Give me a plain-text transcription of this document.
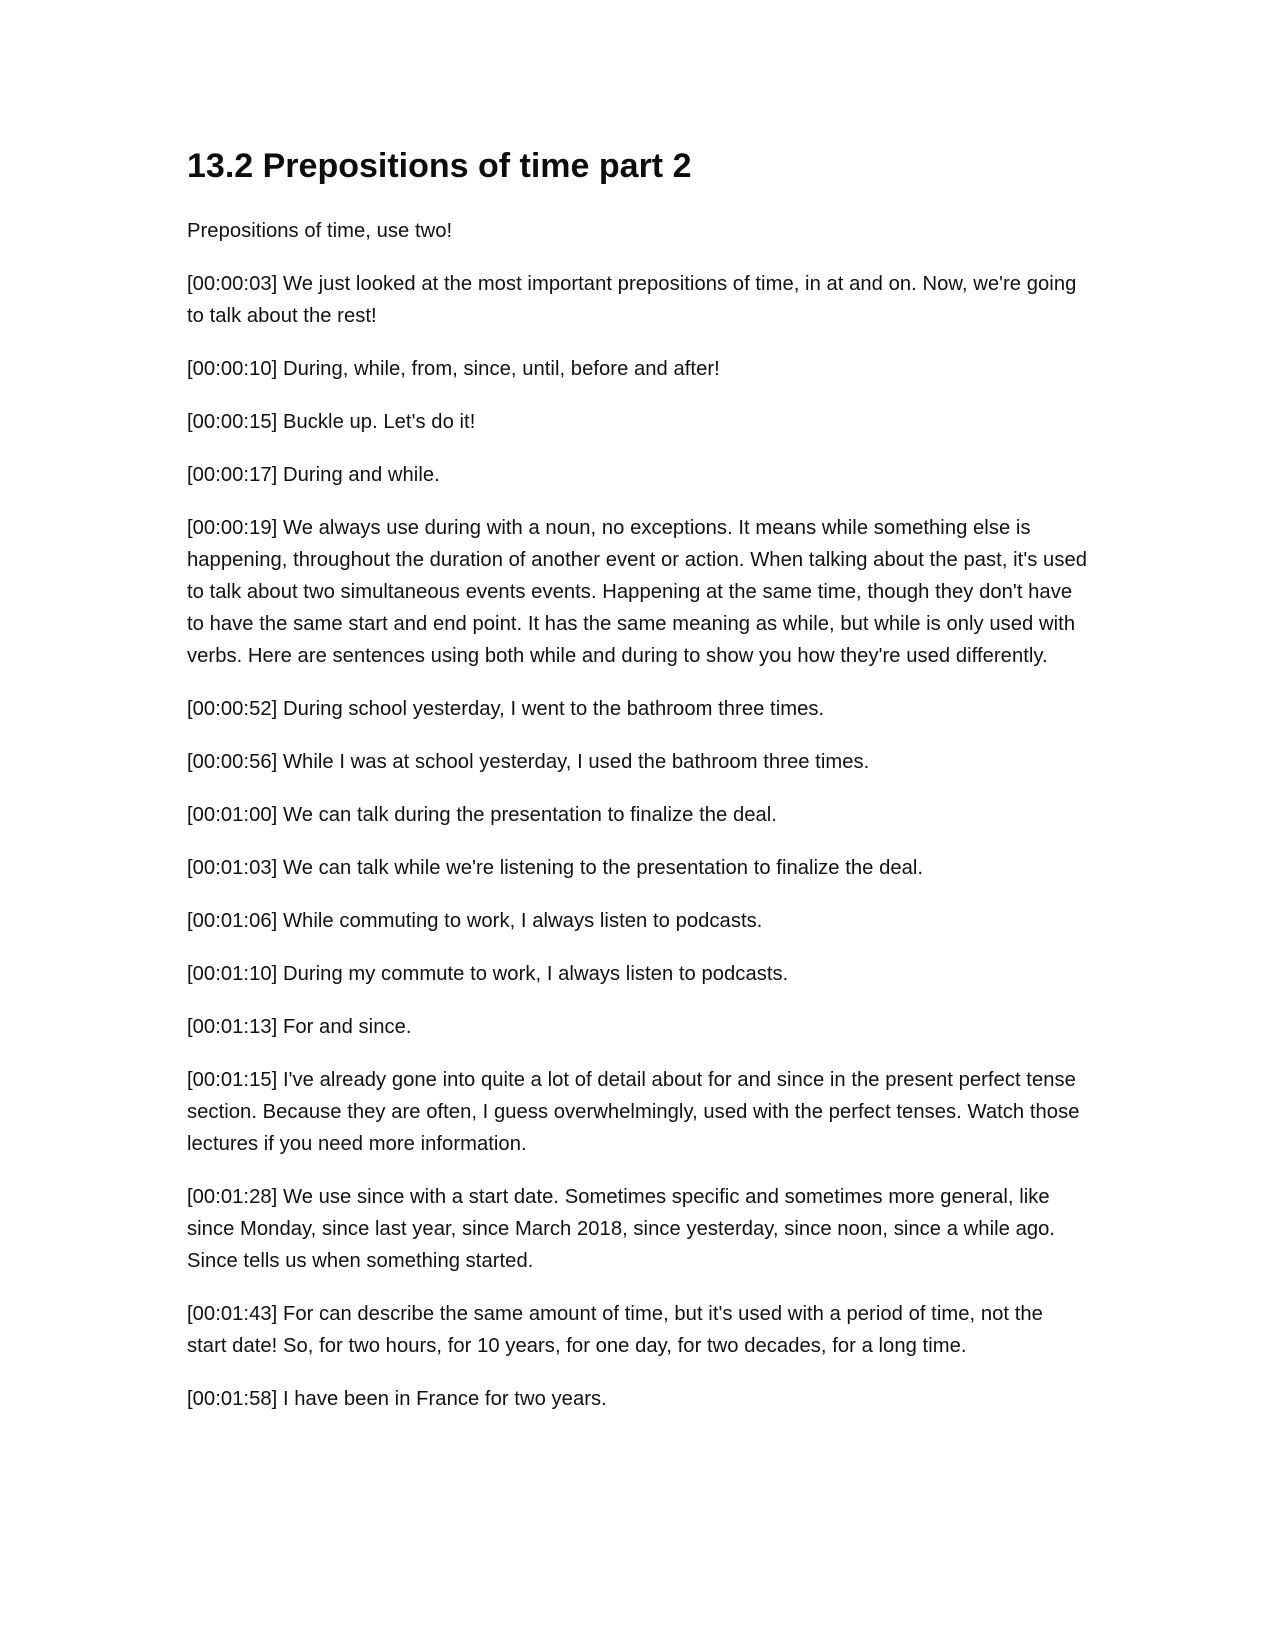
13.2 Prepositions of time part 2

Prepositions of time, use two!

[00:00:03] We just looked at the most important prepositions of time, in at and on. Now, we're going to talk about the rest!

[00:00:10] During, while, from, since, until, before and after!

[00:00:15] Buckle up. Let's do it!

[00:00:17] During and while.

[00:00:19] We always use during with a noun, no exceptions. It means while something else is happening, throughout the duration of another event or action. When talking about the past, it's used to talk about two simultaneous events events. Happening at the same time, though they don't have to have the same start and end point. It has the same meaning as while, but while is only used with verbs. Here are sentences using both while and during to show you how they're used differently.

[00:00:52] During school yesterday, I went to the bathroom three times.

[00:00:56] While I was at school yesterday, I used the bathroom three times.

[00:01:00] We can talk during the presentation to finalize the deal.

[00:01:03] We can talk while we're listening to the presentation to finalize the deal.

[00:01:06] While commuting to work, I always listen to podcasts.

[00:01:10] During my commute to work, I always listen to podcasts.

[00:01:13] For and since.

[00:01:15] I've already gone into quite a lot of detail about for and since in the present perfect tense section. Because they are often, I guess overwhelmingly, used with the perfect tenses. Watch those lectures if you need more information.

[00:01:28] We use since with a start date. Sometimes specific and sometimes more general, like since Monday, since last year, since March 2018, since yesterday, since noon, since a while ago. Since tells us when something started.

[00:01:43] For can describe the same amount of time, but it's used with a period of time, not the start date! So, for two hours, for 10 years, for one day, for two decades, for a long time.

[00:01:58] I have been in France for two years.
